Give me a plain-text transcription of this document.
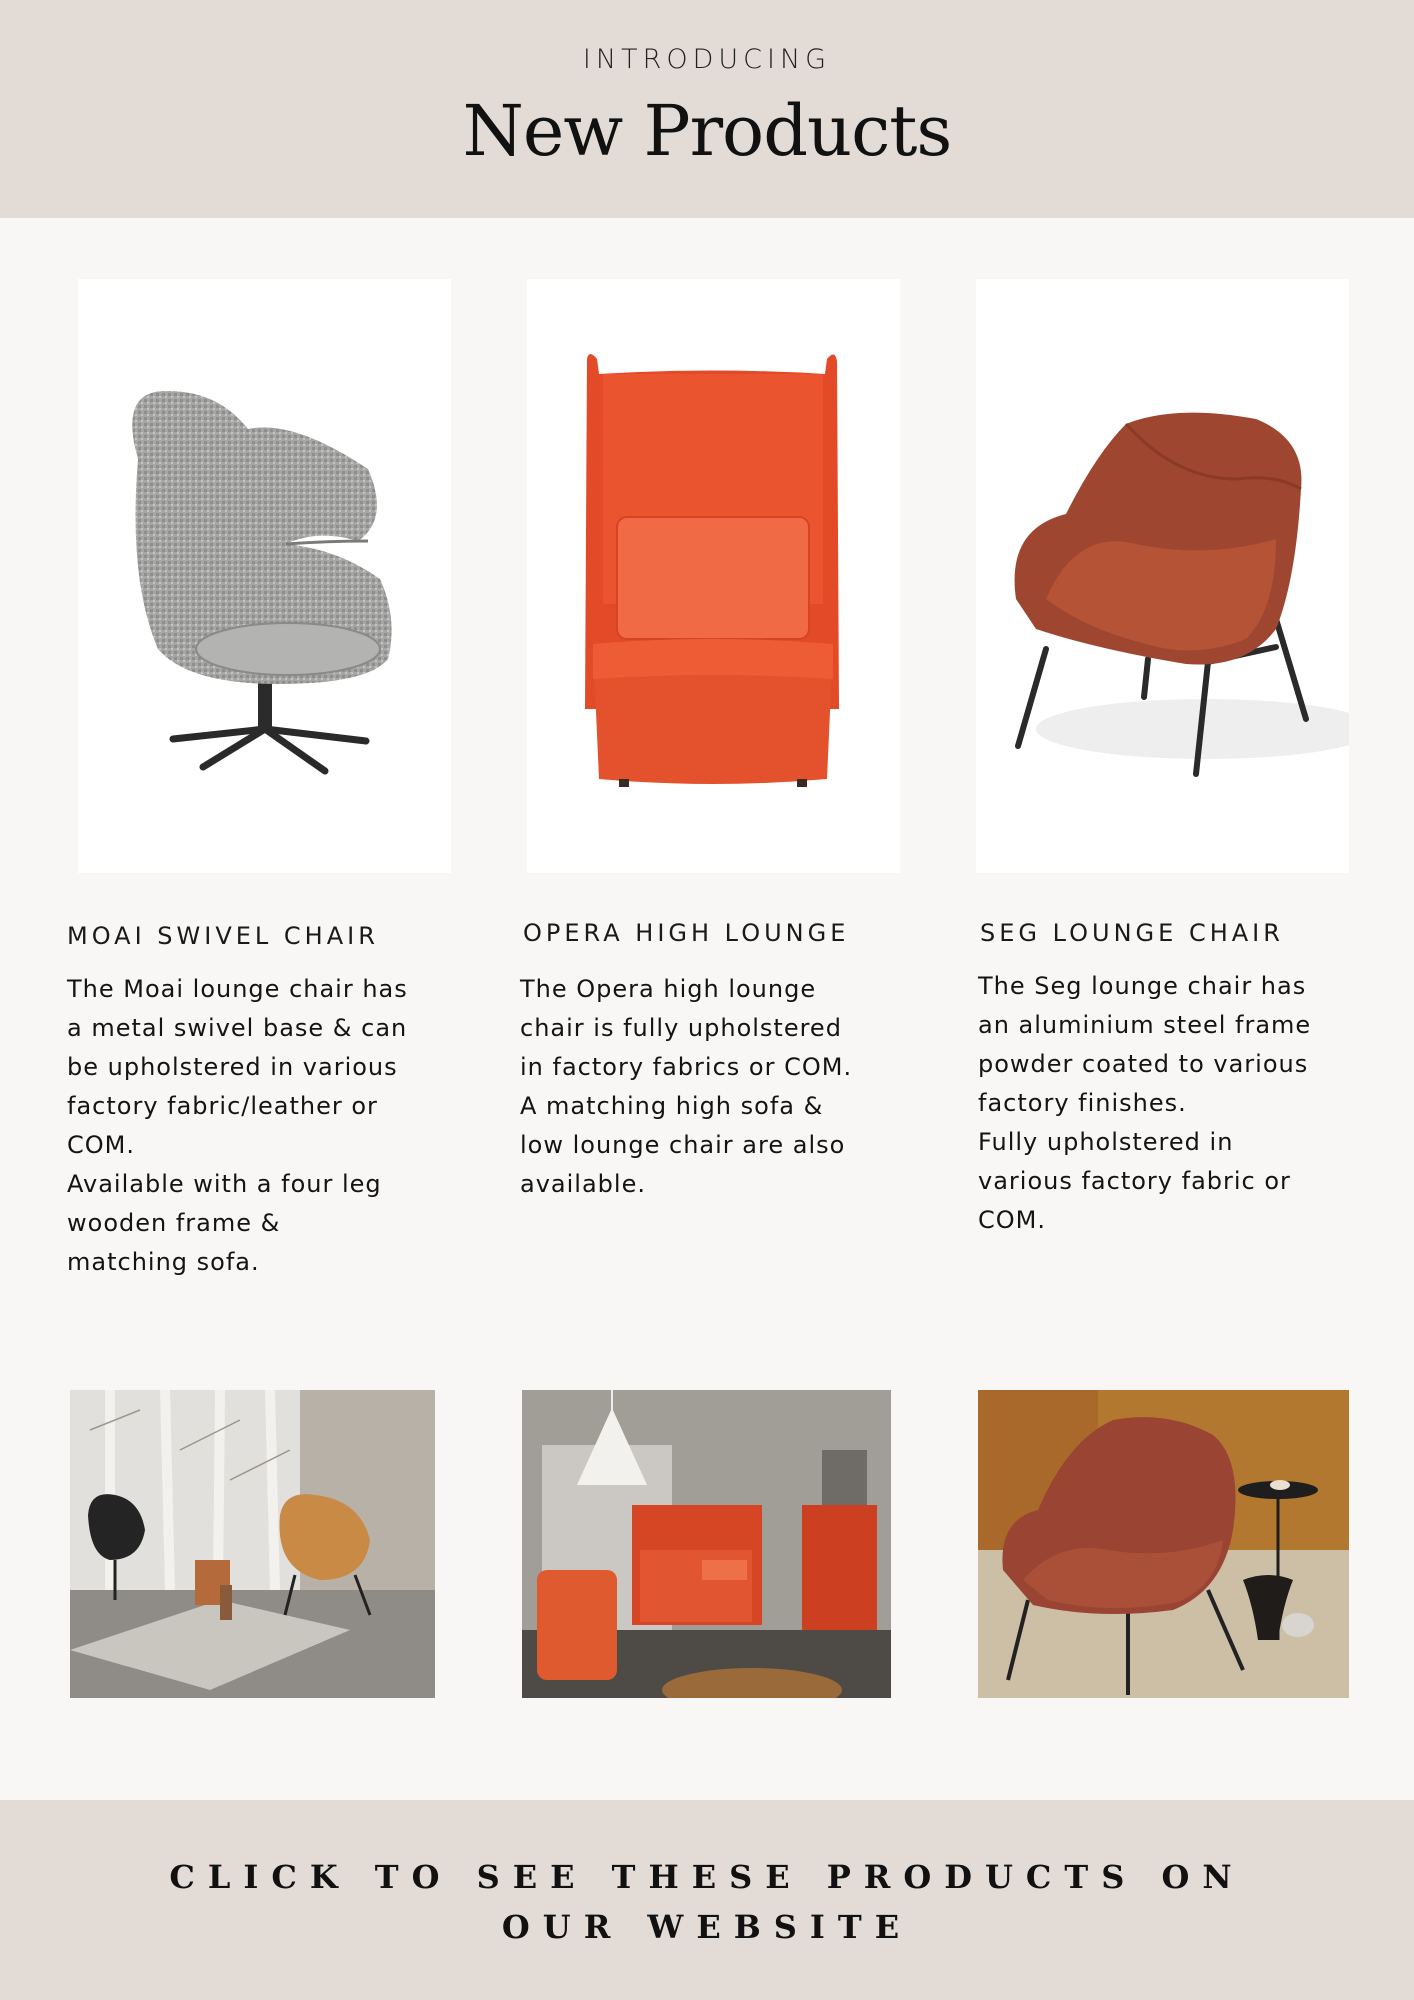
INTRODUCING
New Products
MOAI SWIVEL CHAIR
The Moai lounge chair has
a metal swivel base & can
be upholstered in various
factory fabric/leather or
COM.
Available with a four leg
wooden frame &
matching sofa.
OPERA HIGH LOUNGE
The Opera high lounge
chair is fully upholstered
in factory fabrics or COM.
A matching high sofa &
low lounge chair are also
available.
SEG LOUNGE CHAIR
The Seg lounge chair has
an aluminium steel frame
powder coated to various
factory finishes.
Fully upholstered in
various factory fabric or
COM.
CLICK TO SEE THESE PRODUCTS ON OUR WEBSITE
